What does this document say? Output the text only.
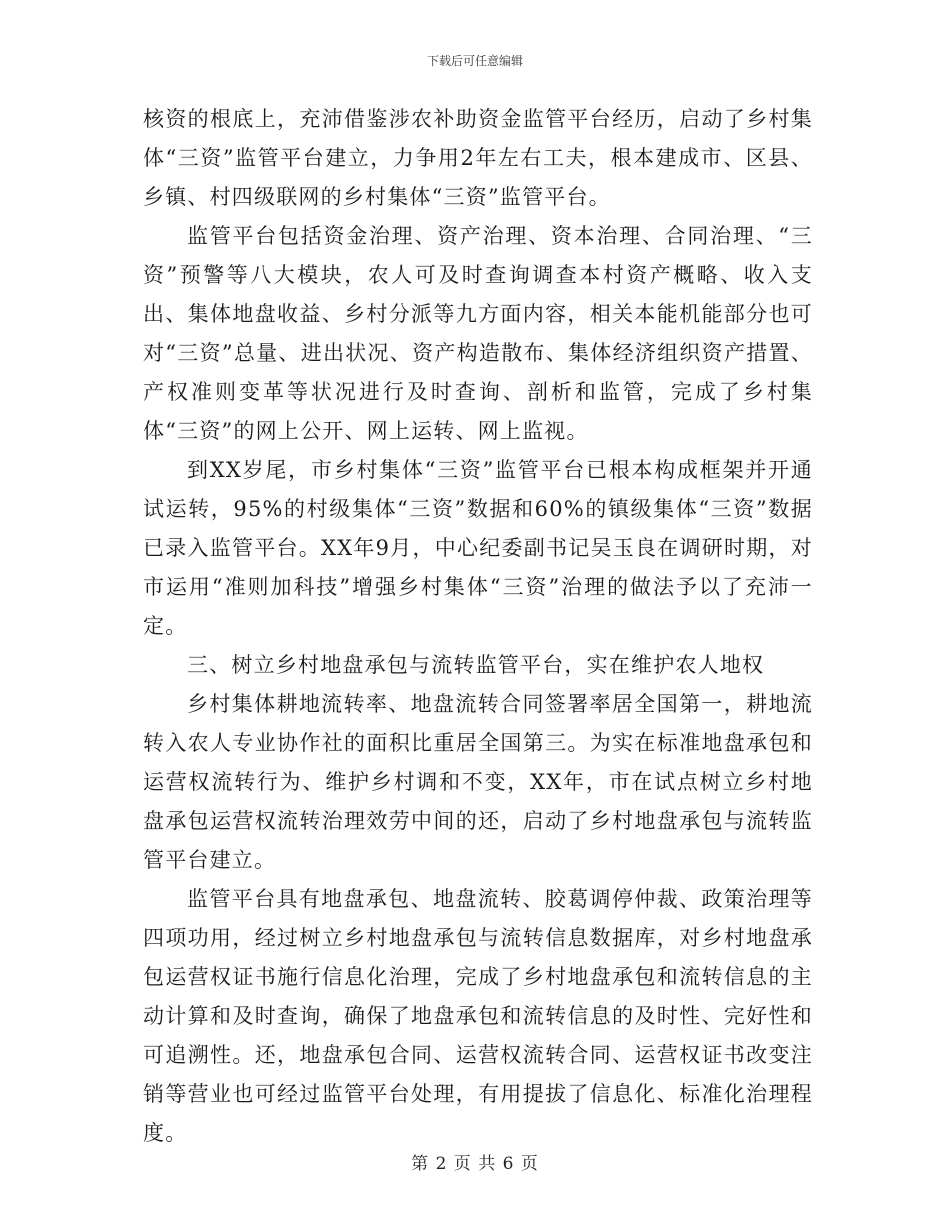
下载后可任意编辑

核资的根底上，充沛借鉴涉农补助资金监管平台经历，启动了乡村集体“三资”监管平台建立，力争用2年左右工夫，根本建成市、区县、乡镇、村四级联网的乡村集体“三资”监管平台。

监管平台包括资金治理、资产治理、资本治理、合同治理、“三资”预警等八大模块，农人可及时查询调查本村资产概略、收入支出、集体地盘收益、乡村分派等九方面内容，相关本能机能部分也可对“三资”总量、进出状况、资产构造散布、集体经济组织资产措置、产权准则变革等状况进行及时查询、剖析和监管，完成了乡村集体“三资”的网上公开、网上运转、网上监视。

到XX岁尾，市乡村集体“三资”监管平台已根本构成框架并开通试运转，95%的村级集体“三资”数据和60%的镇级集体“三资”数据已录入监管平台。XX年9月，中心纪委副书记吴玉良在调研时期，对市运用“准则加科技”增强乡村集体“三资”治理的做法予以了充沛一定。

三、树立乡村地盘承包与流转监管平台，实在维护农人地权

乡村集体耕地流转率、地盘流转合同签署率居全国第一，耕地流转入农人专业协作社的面积比重居全国第三。为实在标准地盘承包和运营权流转行为、维护乡村调和不变，XX年，市在试点树立乡村地盘承包运营权流转治理效劳中间的还，启动了乡村地盘承包与流转监管平台建立。

监管平台具有地盘承包、地盘流转、胶葛调停仲裁、政策治理等四项功用，经过树立乡村地盘承包与流转信息数据库，对乡村地盘承包运营权证书施行信息化治理，完成了乡村地盘承包和流转信息的主动计算和及时查询，确保了地盘承包和流转信息的及时性、完好性和可追溯性。还，地盘承包合同、运营权流转合同、运营权证书改变注销等营业也可经过监管平台处理，有用提拔了信息化、标准化治理程度。

第 2 页 共 6 页
